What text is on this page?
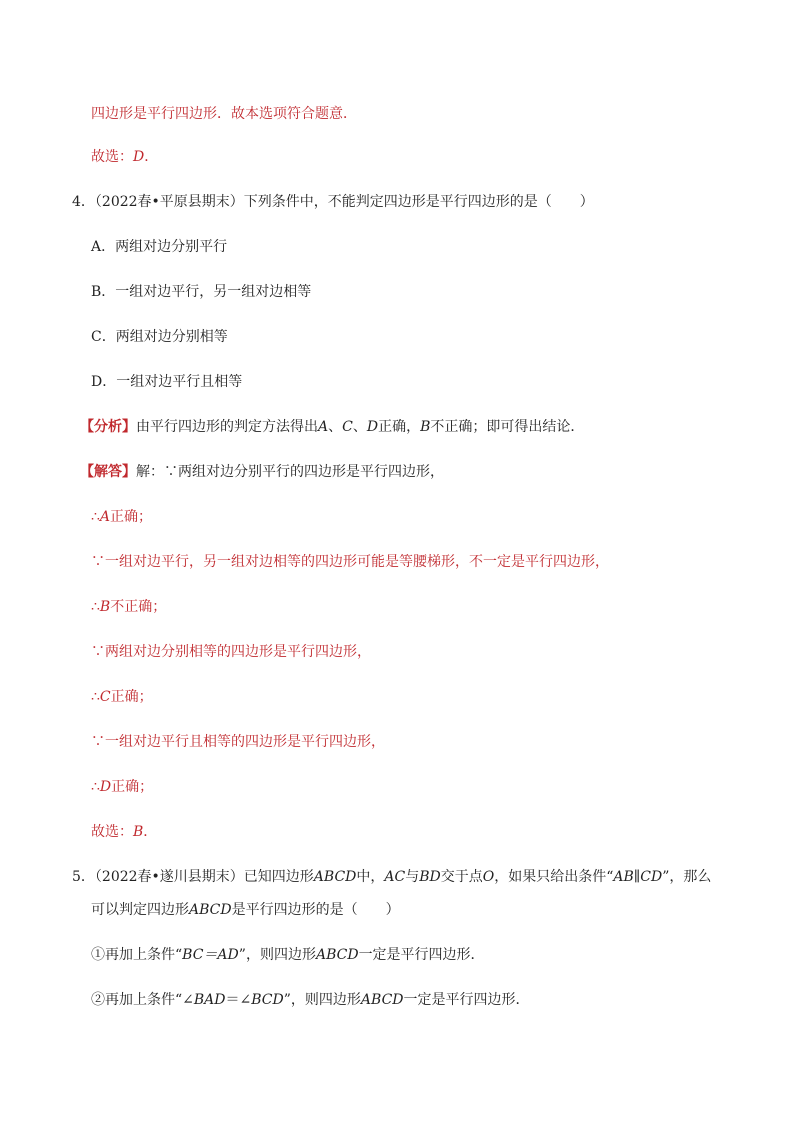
四边形是平行四边形．故本选项符合题意．
故选：D．
4．（2022春•平原县期末）下列条件中，不能判定四边形是平行四边形的是（　　）
A．两组对边分别平行
B．一组对边平行，另一组对边相等
C．两组对边分别相等
D．一组对边平行且相等
【分析】由平行四边形的判定方法得出A、C、D正确，B不正确；即可得出结论．
【解答】解：∵两组对边分别平行的四边形是平行四边形，
∴A正确；
∵一组对边平行，另一组对边相等的四边形可能是等腰梯形，不一定是平行四边形，
∴B不正确；
∵两组对边分别相等的四边形是平行四边形，
∴C正确；
∵一组对边平行且相等的四边形是平行四边形，
∴D正确；
故选：B．
5．（2022春•遂川县期末）已知四边形ABCD中，AC与BD交于点O，如果只给出条件“AB∥CD”，那么
可以判定四边形ABCD是平行四边形的是（　　）
①再加上条件“BC＝AD”，则四边形ABCD一定是平行四边形．
②再加上条件“∠BAD＝∠BCD”，则四边形ABCD一定是平行四边形．
